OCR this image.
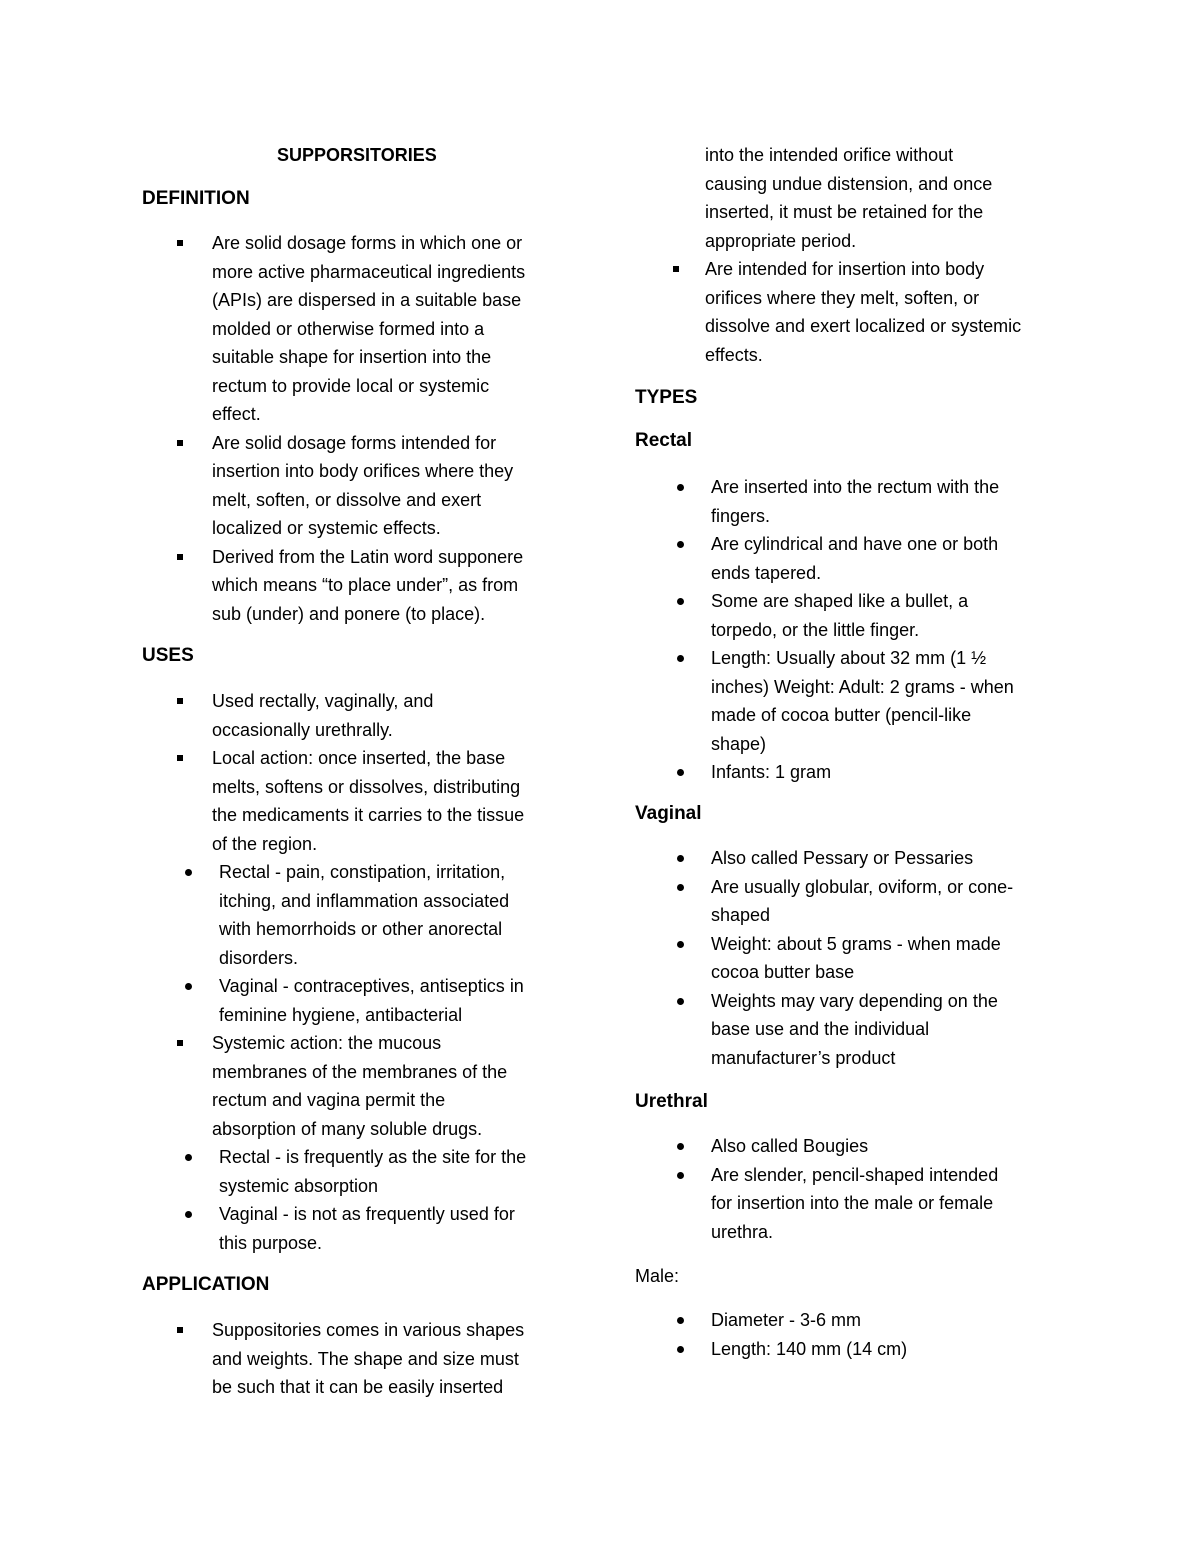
SUPPORSITORIES
DEFINITION
Are solid dosage forms in which one or
more active pharmaceutical ingredients
(APIs) are dispersed in a suitable base
molded or otherwise formed into a
suitable shape for insertion into the
rectum to provide local or systemic
effect.
Are solid dosage forms intended for
insertion into body orifices where they
melt, soften, or dissolve and exert
localized or systemic effects.
Derived from the Latin word supponere
which means “to place under”, as from
sub (under) and ponere (to place).
USES
Used rectally, vaginally, and
occasionally urethrally.
Local action: once inserted, the base
melts, softens or dissolves, distributing
the medicaments it carries to the tissue
of the region.
Rectal - pain, constipation, irritation,
itching, and inflammation associated
with hemorrhoids or other anorectal
disorders.
Vaginal - contraceptives, antiseptics in
feminine hygiene, antibacterial
Systemic action: the mucous
membranes of the membranes of the
rectum and vagina permit the
absorption of many soluble drugs.
Rectal - is frequently as the site for the
systemic absorption
Vaginal - is not as frequently used for
this purpose.
APPLICATION
Suppositories comes in various shapes
and weights. The shape and size must
be such that it can be easily inserted
into the intended orifice without
causing undue distension, and once
inserted, it must be retained for the
appropriate period.
Are intended for insertion into body
orifices where they melt, soften, or
dissolve and exert localized or systemic
effects.
TYPES
Rectal
Are inserted into the rectum with the
fingers.
Are cylindrical and have one or both
ends tapered.
Some are shaped like a bullet, a
torpedo, or the little finger.
Length: Usually about 32 mm (1 ½
inches) Weight: Adult: 2 grams - when
made of cocoa butter (pencil-like
shape)
Infants: 1 gram
Vaginal
Also called Pessary or Pessaries
Are usually globular, oviform, or cone-
shaped
Weight: about 5 grams - when made
cocoa butter base
Weights may vary depending on the
base use and the individual
manufacturer’s product
Urethral
Also called Bougies
Are slender, pencil-shaped intended
for insertion into the male or female
urethra.
Male:
Diameter - 3-6 mm
Length: 140 mm (14 cm)
